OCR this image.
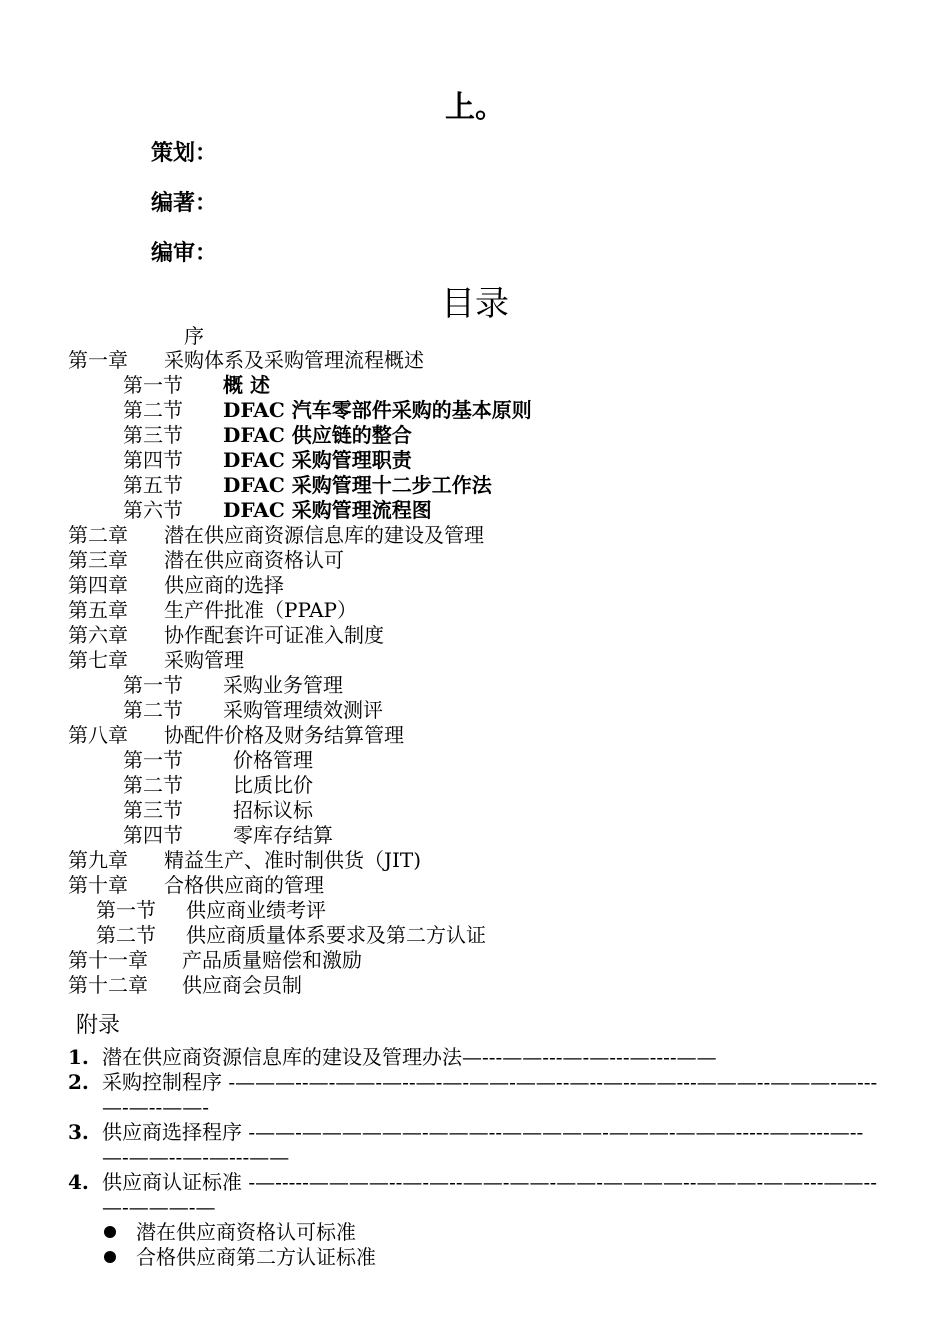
上。
策划：
编著：
编审：
目录
序
第一章 采购体系及采购管理流程概述
第一节 概 述
第二节 DFAC 汽车零部件采购的基本原则
第三节 DFAC 供应链的整合
第四节 DFAC 采购管理职责
第五节 DFAC 采购管理十二步工作法
第六节 DFAC 采购管理流程图
第二章 潜在供应商资源信息库的建设及管理
第三章 潜在供应商资格认可
第四章 供应商的选择
第五章 生产件批准（PPAP）
第六章 协作配套许可证准入制度
第七章 采购管理
第一节 采购业务管理
第二节 采购管理绩效测评
第八章 协配件价格及财务结算管理
第一节	价格管理
第二节	比质比价
第三节	招标议标
第四节	零库存结算
第九章 精益生产、准时制供货（JIT)
第十章 合格供应商的管理
第一节 供应商业绩考评
第二节 供应商质量体系要求及第二方认证
第十一章 产品质量赔偿和激励
第十二章 供应商会员制
附录
1. 潜在供应商资源信息库的建设及管理办法—---——---—-—---—----——
2. 采购控制程序 -———--—-——-—--—-—-——-——--—--—--——---———--———-—---—-—--——-
3. 供应商选择程序 -——-——————-———--—————-———-———-----——---—--—-——--—-—---——
4. 供应商认证标准 -—-----————--—-—--——-——-——-————--———-——---——--—-———-—
潜在供应商资格认可标准
合格供应商第二方认证标准
